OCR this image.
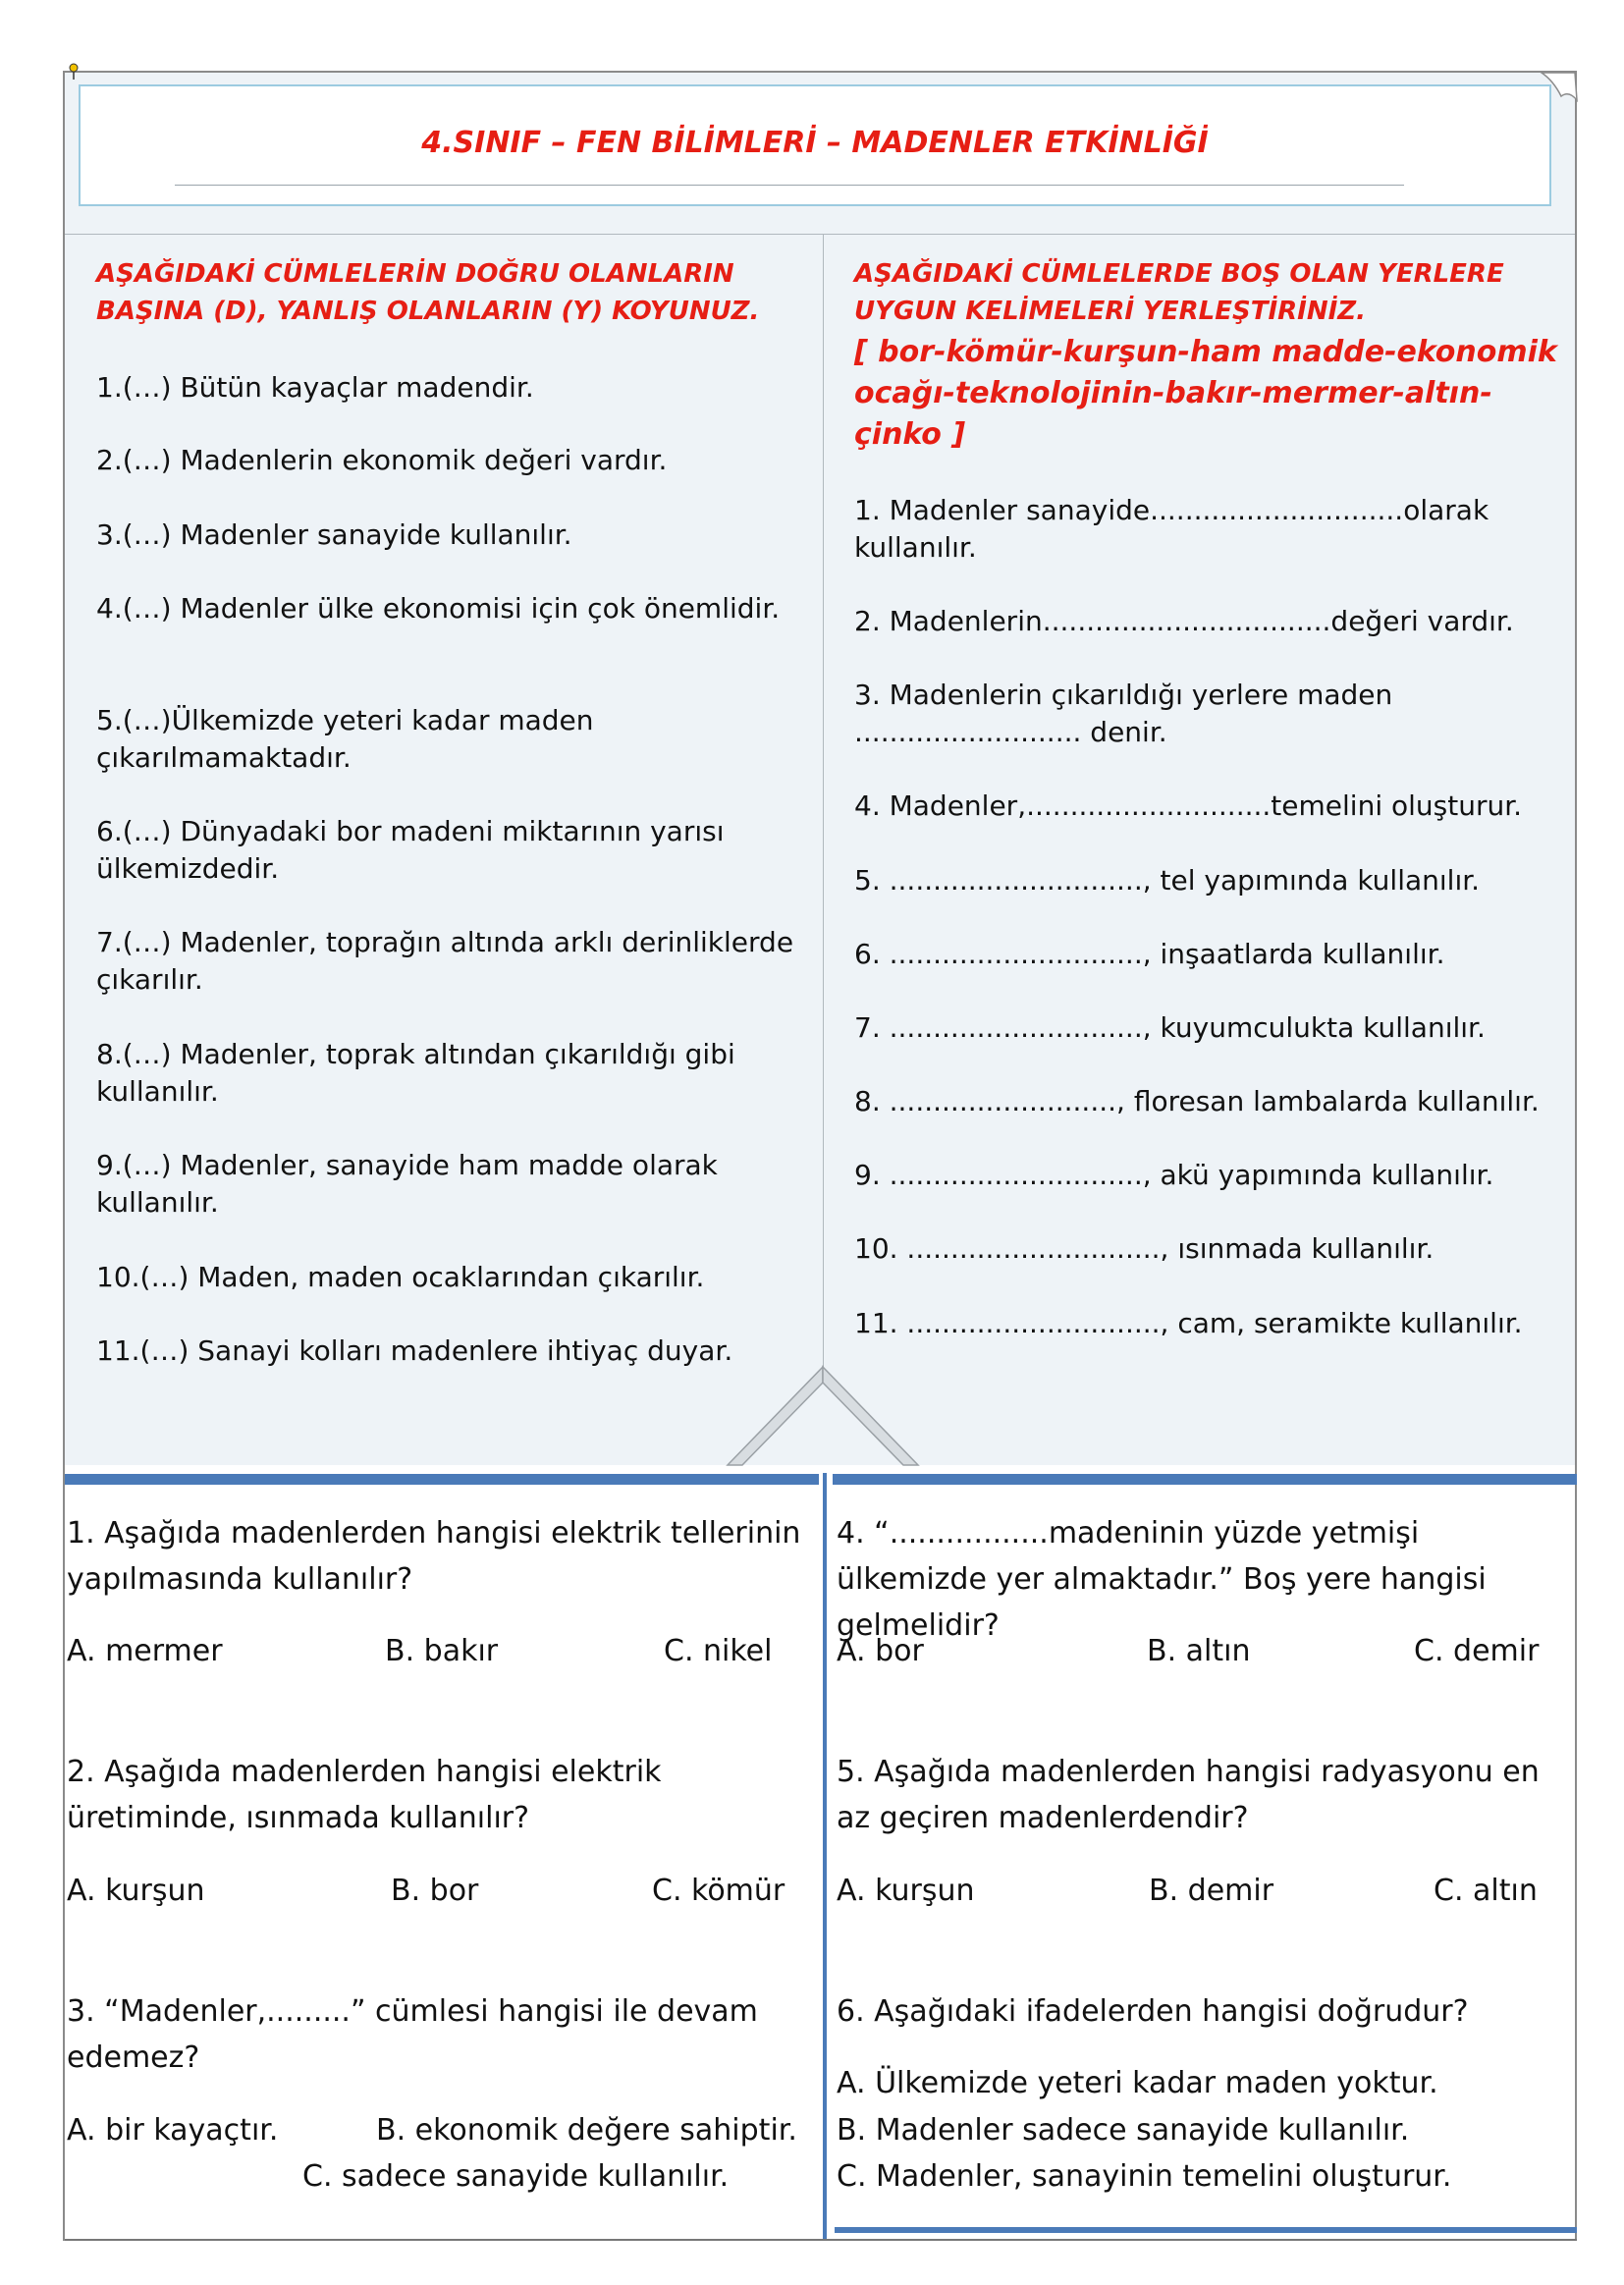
4.SINIF – FEN BİLİMLERİ – MADENLER ETKİNLİĞİ

AŞAĞIDAKİ CÜMLELERİN DOĞRU OLANLARIN BAŞINA (D), YANLIŞ OLANLARIN (Y) KOYUNUZ.

1.(…) Bütün kayaçlar madendir.

2.(…) Madenlerin ekonomik değeri vardır.

3.(…) Madenler sanayide kullanılır.

4.(…) Madenler ülke ekonomisi için çok önemlidir.

5.(…)Ülkemizde yeteri kadar maden çıkarılmamaktadır.

6.(…) Dünyadaki bor madeni miktarının yarısı ülkemizdedir.

7.(…) Madenler, toprağın altında arklı derinliklerde çıkarılır.

8.(…) Madenler, toprak altından çıkarıldığı gibi kullanılır.

9.(…) Madenler, sanayide ham madde olarak kullanılır.

10.(…) Maden, maden ocaklarından çıkarılır.

11.(…) Sanayi kolları madenlere ihtiyaç duyar.

AŞAĞIDAKİ CÜMLELERDE BOŞ OLAN YERLERE UYGUN KELİMELERİ YERLEŞTİRİNİZ.

[ bor-kömür-kurşun-ham madde-ekonomik ocağı-teknolojinin-bakır-mermer-altın- çinko ]

1. Madenler sanayide.............................olarak kullanılır.

2. Madenlerin.................................değeri vardır.

3. Madenlerin çıkarıldığı yerlere maden .......................... denir.

4. Madenler,............................temelini oluşturur.

5. ............................., tel yapımında kullanılır.

6. ............................., inşaatlarda kullanılır.

7. ............................., kuyumculukta kullanılır.

8. .........................., floresan lambalarda kullanılır.

9. ............................., akü yapımında kullanılır.

10. ............................., ısınmada kullanılır.

11. ............................., cam, seramikte kullanılır.

1. Aşağıda madenlerden hangisi elektrik tellerinin yapılmasında kullanılır?

A. mermer	B. bakır	C. nikel

2. Aşağıda madenlerden hangisi elektrik üretiminde, ısınmada kullanılır?

A. kurşun	B. bor	C. kömür

3. “Madenler,.........” cümlesi hangisi ile devam edemez?

A. bir kayaçtır.	B. ekonomik değere sahiptir.
C. sadece sanayide kullanılır.

4. “.................madeninin yüzde yetmişi ülkemizde yer almaktadır.” Boş yere hangisi gelmelidir?

A. bor	B. altın	C. demir

5. Aşağıda madenlerden hangisi radyasyonu en az geçiren madenlerdendir?

A. kurşun	B. demir	C. altın

6. Aşağıdaki ifadelerden hangisi doğrudur?

A. Ülkemizde yeteri kadar maden yoktur.
B. Madenler sadece sanayide kullanılır.
C. Madenler, sanayinin temelini oluşturur.
